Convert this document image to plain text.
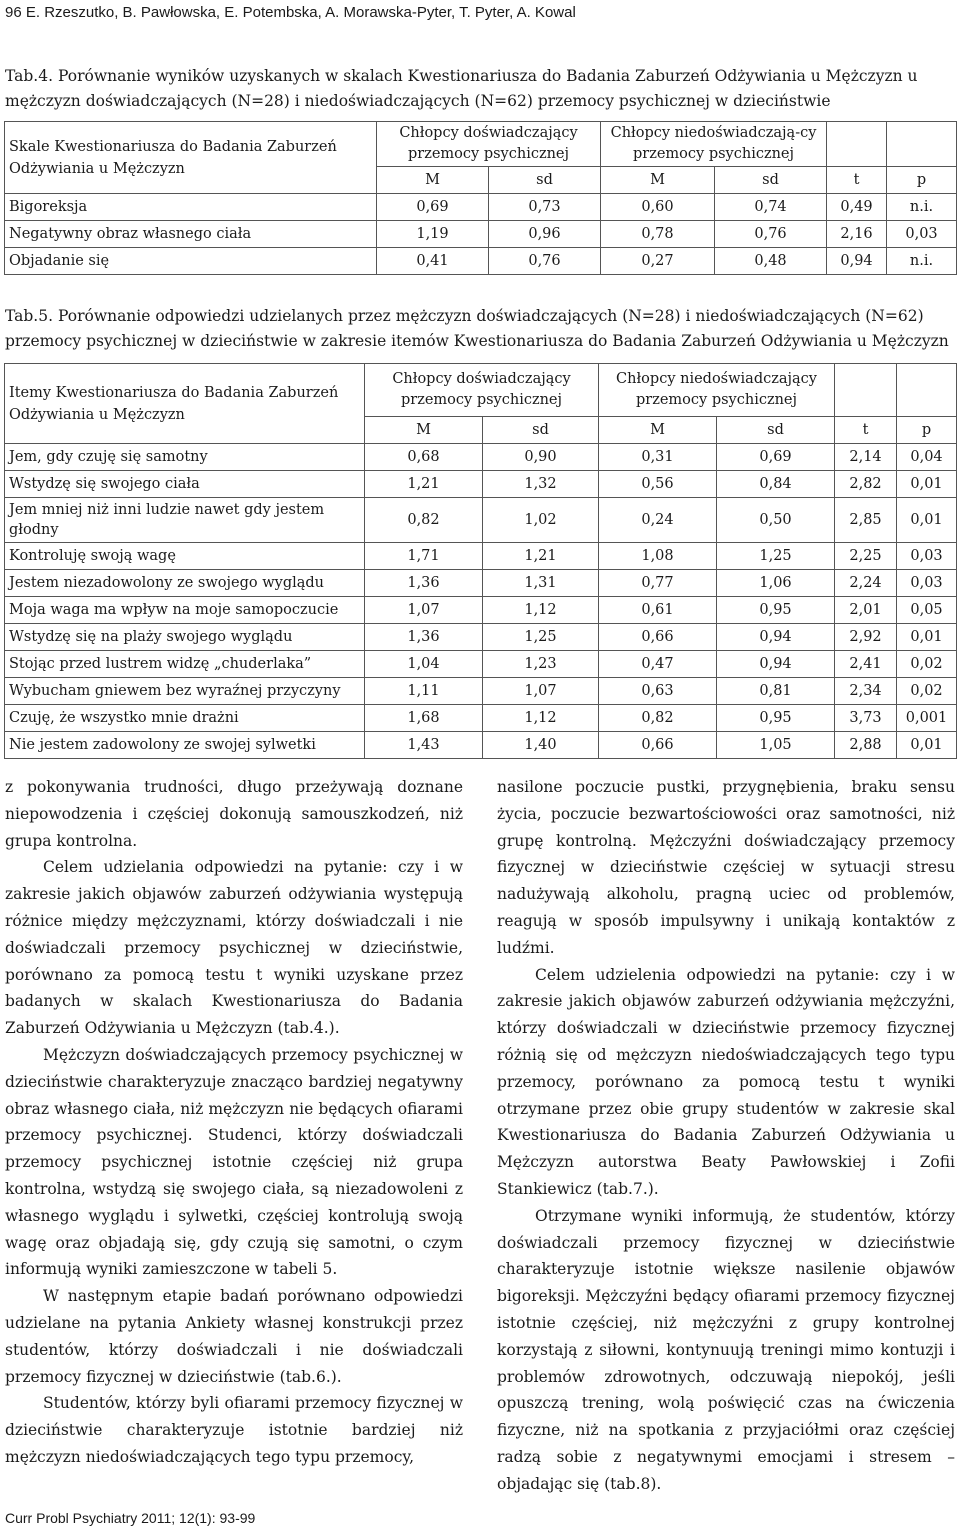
96 E. Rzeszutko, B. Pawłowska, E. Potembska, A. Morawska-Pyter, T. Pyter, A. Kowal
Tab.4. Porównanie wyników uzyskanych w skalach Kwestionariusza do Badania Zaburzeń Odżywiania u Mężczyzn u mężczyzn doświadczających (N=28) i niedoświadczających (N=62) przemocy psychicznej w dzieciństwie
Skale Kwestionariusza do Badania Zaburzeń Odżywiania u Mężczyzn	Chłopcy doświadczający przemocy psychicznej		Chłopcy niedoświadczają-cy przemocy psychicznej			
	M	sd	M	sd	t	p
Bigoreksja	0,69	0,73	0,60	0,74	0,49	n.i.
Negatywny obraz własnego ciała	1,19	0,96	0,78	0,76	2,16	0,03
Objadanie się	0,41	0,76	0,27	0,48	0,94	n.i.
Tab.5. Porównanie odpowiedzi udzielanych przez mężczyzn doświadczających (N=28) i niedoświadczających (N=62) przemocy psychicznej w dzieciństwie w zakresie itemów Kwestionariusza do Badania Zaburzeń Odżywiania u Mężczyzn
Itemy Kwestionariusza do Badania Zaburzeń Odżywiania u Mężczyzn	Chłopcy doświadczający przemocy psychicznej		Chłopcy niedoświadczający przemocy psychicznej			
	M	sd	M	sd	t	p
Jem, gdy czuję się samotny	0,68	0,90	0,31	0,69	2,14	0,04
Wstydzę się swojego ciała	1,21	1,32	0,56	0,84	2,82	0,01
Jem mniej niż inni ludzie nawet gdy jestem głodny	0,82	1,02	0,24	0,50	2,85	0,01
Kontroluję swoją wagę	1,71	1,21	1,08	1,25	2,25	0,03
Jestem niezadowolony ze swojego wyglądu	1,36	1,31	0,77	1,06	2,24	0,03
Moja waga ma wpływ na moje samopoczucie	1,07	1,12	0,61	0,95	2,01	0,05
Wstydzę się na plaży swojego wyglądu	1,36	1,25	0,66	0,94	2,92	0,01
Stojąc przed lustrem widzę „chuderlaka”	1,04	1,23	0,47	0,94	2,41	0,02
Wybucham gniewem bez wyraźnej przyczyny	1,11	1,07	0,63	0,81	2,34	0,02
Czuję, że wszystko mnie drażni	1,68	1,12	0,82	0,95	3,73	0,001
Nie jestem zadowolony ze swojej sylwetki	1,43	1,40	0,66	1,05	2,88	0,01

z pokonywania trudności, długo przeżywają doznane niepowodzenia i częściej dokonują samouszkodzeń, niż grupa kontrolna.

Celem udzielania odpowiedzi na pytanie: czy i w zakresie jakich objawów zaburzeń odżywiania występują różnice między mężczyznami, którzy doświadczali i nie doświadczali przemocy psychicznej w dzieciństwie, porównano za pomocą testu t wyniki uzyskane przez badanych w skalach Kwestionariusza do Badania Zaburzeń Odżywiania u Mężczyzn (tab.4.).

Mężczyzn doświadczających przemocy psychicznej w dzieciństwie charakteryzuje znacząco bardziej negatywny obraz własnego ciała, niż mężczyzn nie będących ofiarami przemocy psychicznej. Studenci, którzy doświadczali przemocy psychicznej istotnie częściej niż grupa kontrolna, wstydzą się swojego ciała, są niezadowoleni z własnego wyglądu i sylwetki, częściej kontrolują swoją wagę oraz objadają się, gdy czują się samotni, o czym informują wyniki zamieszczone w tabeli 5.

W następnym etapie badań porównano odpowiedzi udzielane na pytania Ankiety własnej konstrukcji przez studentów, którzy doświadczali i nie doświadczali przemocy fizycznej w dzieciństwie (tab.6.).

Studentów, którzy byli ofiarami przemocy fizycznej w dzieciństwie charakteryzuje istotnie bardziej niż mężczyzn niedoświadczających tego typu przemocy,

nasilone poczucie pustki, przygnębienia, braku sensu życia, poczucie bezwartościowości oraz samotności, niż grupę kontrolną. Mężczyźni doświadczający przemocy fizycznej w dzieciństwie częściej w sytuacji stresu nadużywają alkoholu, pragną uciec od problemów, reagują w sposób impulsywny i unikają kontaktów z ludźmi.

Celem udzielenia odpowiedzi na pytanie: czy i w zakresie jakich objawów zaburzeń odżywiania mężczyźni, którzy doświadczali w dzieciństwie przemocy fizycznej różnią się od mężczyzn niedoświadczających tego typu przemocy, porównano za pomocą testu t wyniki otrzymane przez obie grupy studentów w zakresie skal Kwestionariusza do Badania Zaburzeń Odżywiania u Mężczyzn autorstwa Beaty Pawłowskiej i Zofii Stankiewicz (tab.7.).

Otrzymane wyniki informują, że studentów, którzy doświadczali przemocy fizycznej w dzieciństwie charakteryzuje istotnie większe nasilenie objawów bigoreksji. Mężczyźni będący ofiarami przemocy fizycznej istotnie częściej, niż mężczyźni z grupy kontrolnej korzystają z siłowni, kontynuują treningi mimo kontuzji i problemów zdrowotnych, odczuwają niepokój, jeśli opuszczą trening, wolą poświęcić czas na ćwiczenia fizyczne, niż na spotkania z przyjaciółmi oraz częściej radzą sobie z negatywnymi emocjami i stresem – objadając się (tab.8).

Curr Probl Psychiatry 2011; 12(1): 93-99
